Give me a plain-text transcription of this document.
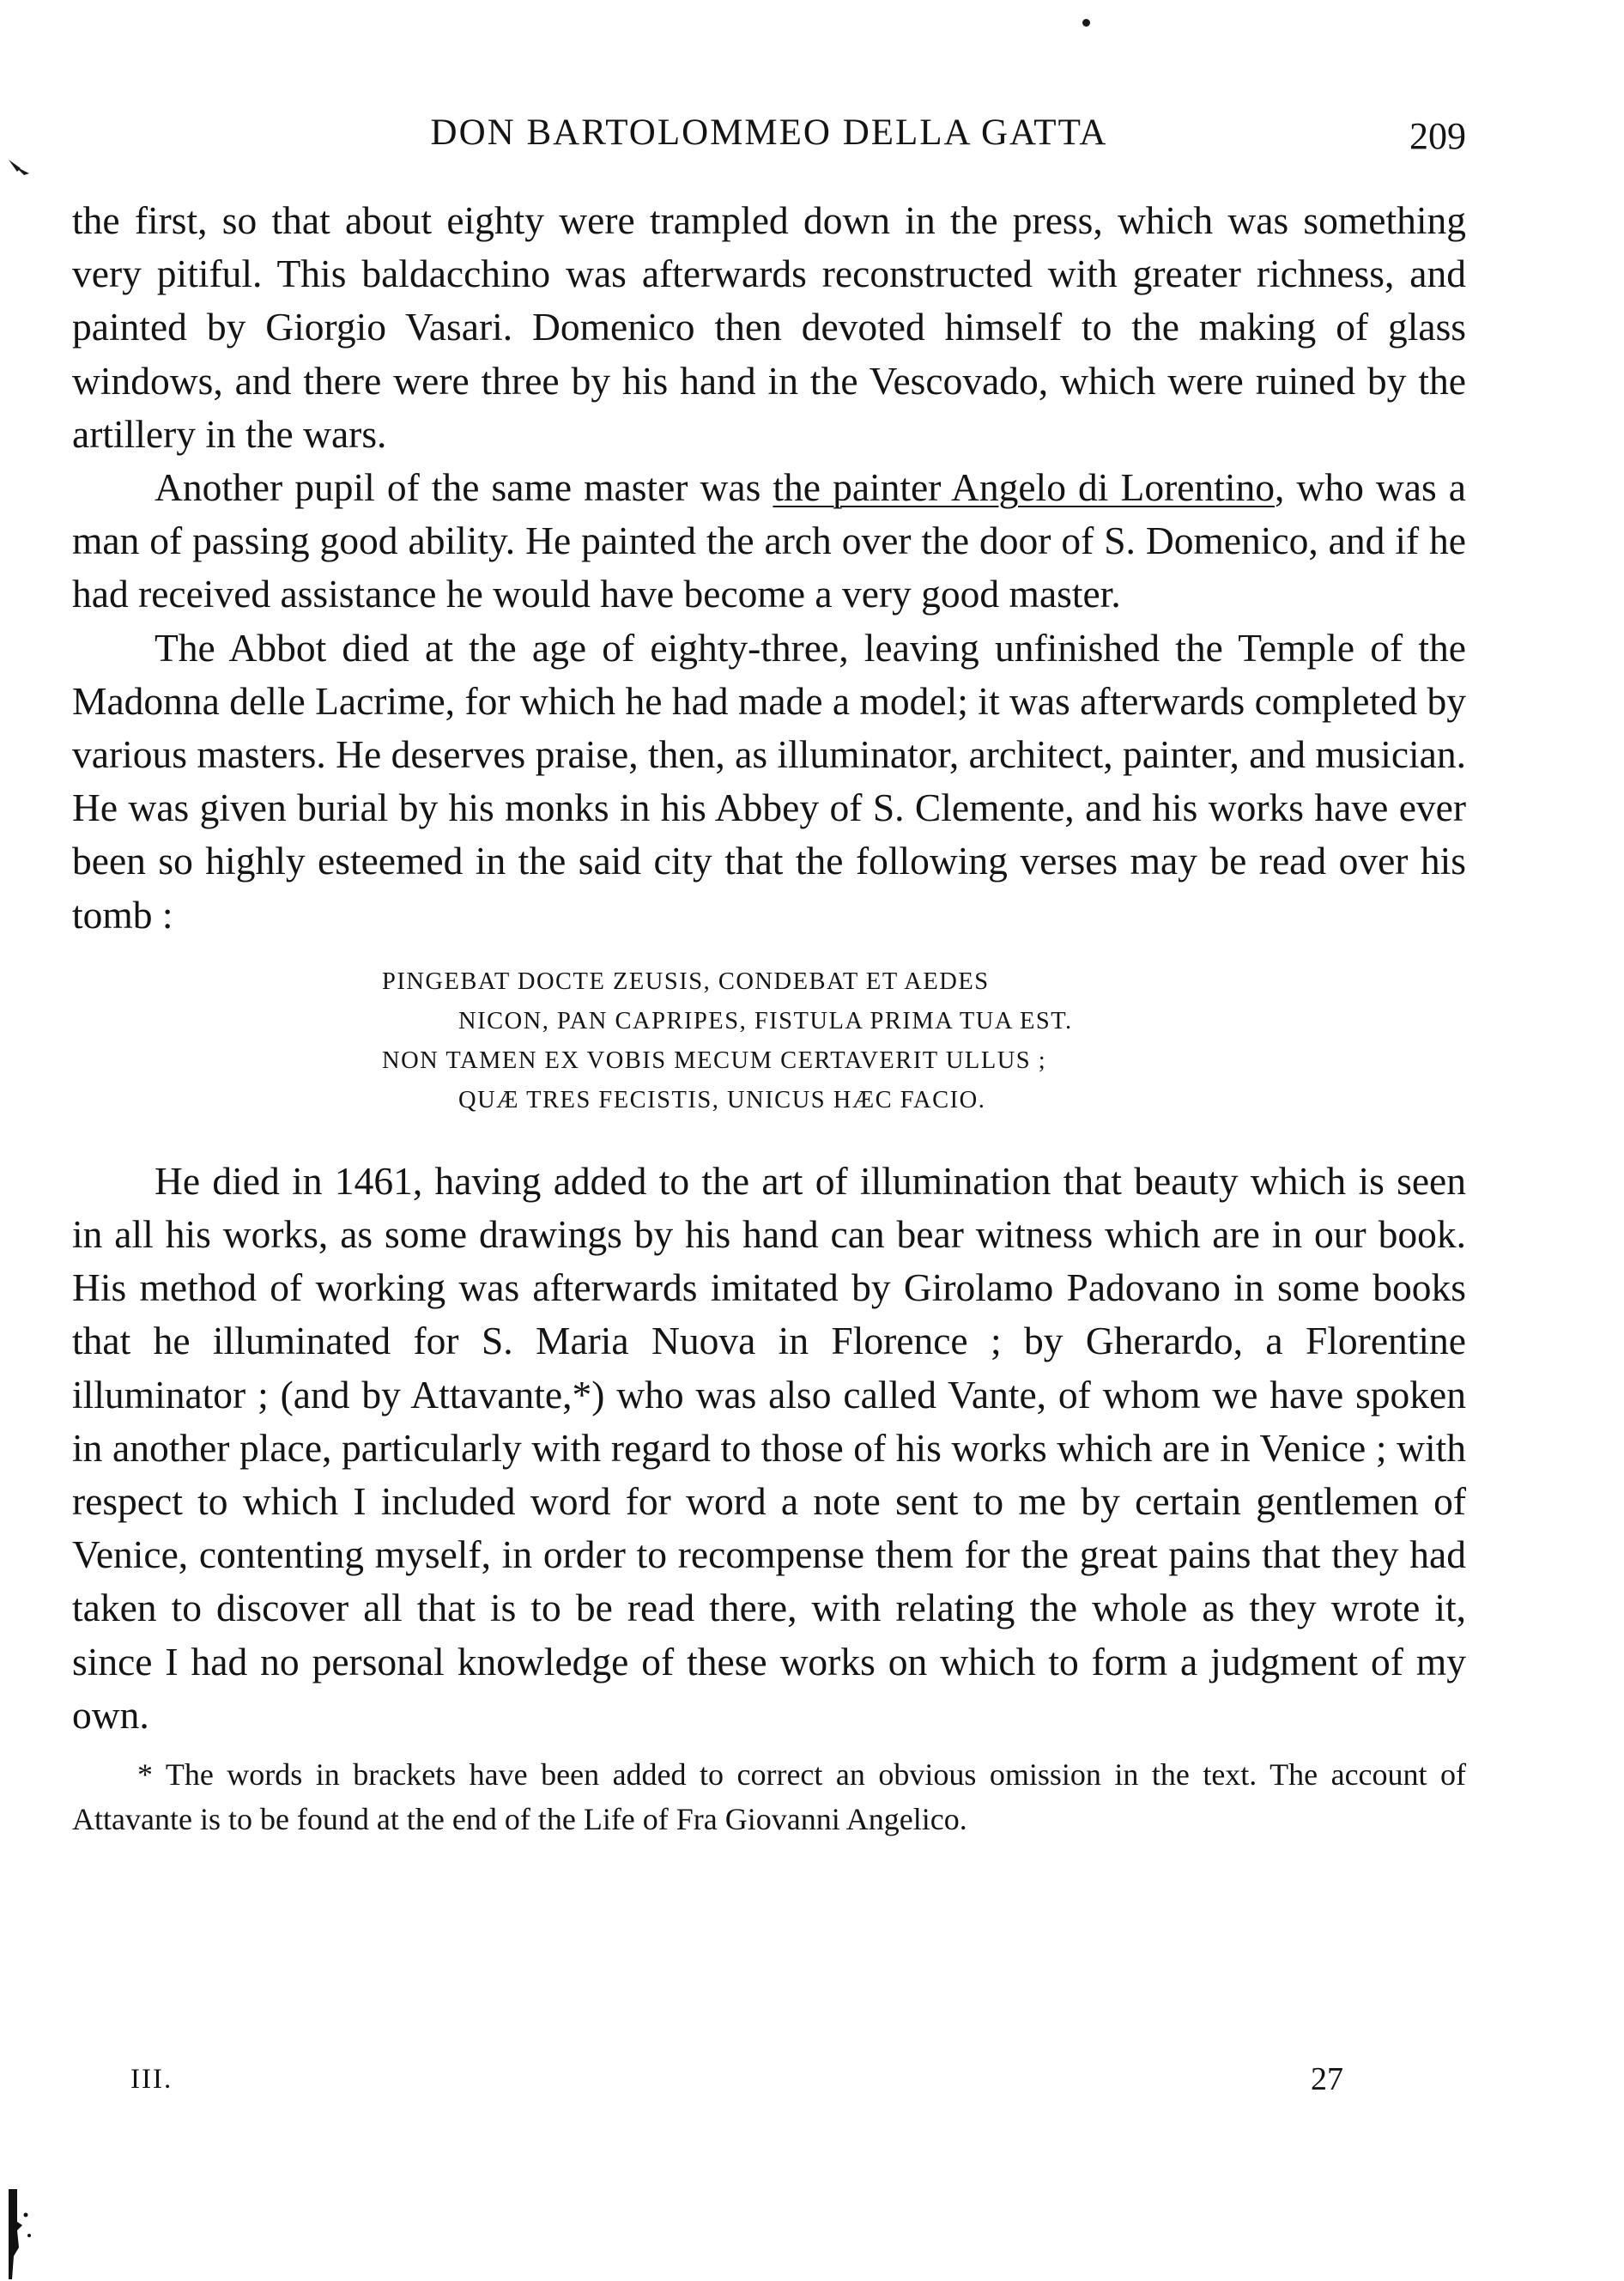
DON BARTOLOMMEO DELLA GATTA	209

the first, so that about eighty were trampled down in the press, which was something very pitiful. This baldacchino was afterwards reconstructed with greater richness, and painted by Giorgio Vasari. Domenico then devoted himself to the making of glass windows, and there were three by his hand in the Vescovado, which were ruined by the artillery in the wars.

Another pupil of the same master was the painter Angelo di Lorentino, who was a man of passing good ability. He painted the arch over the door of S. Domenico, and if he had received assistance he would have become a very good master.

The Abbot died at the age of eighty-three, leaving unfinished the Temple of the Madonna delle Lacrime, for which he had made a model; it was afterwards completed by various masters. He deserves praise, then, as illuminator, architect, painter, and musician. He was given burial by his monks in his Abbey of S. Clemente, and his works have ever been so highly esteemed in the said city that the following verses may be read over his tomb :

PINGEBAT DOCTE ZEUSIS, CONDEBAT ET AEDES
NICON, PAN CAPRIPES, FISTULA PRIMA TUA EST.
NON TAMEN EX VOBIS MECUM CERTAVERIT ULLUS ;
QUÆ TRES FECISTIS, UNICUS HÆC FACIO.

He died in 1461, having added to the art of illumination that beauty which is seen in all his works, as some drawings by his hand can bear witness which are in our book. His method of working was afterwards imitated by Girolamo Padovano in some books that he illuminated for S. Maria Nuova in Florence ; by Gherardo, a Florentine illuminator ; (and by Attavante,*) who was also called Vante, of whom we have spoken in another place, particularly with regard to those of his works which are in Venice ; with respect to which I included word for word a note sent to me by certain gentlemen of Venice, contenting myself, in order to recompense them for the great pains that they had taken to discover all that is to be read there, with relating the whole as they wrote it, since I had no personal knowledge of these works on which to form a judgment of my own.

* The words in brackets have been added to correct an obvious omission in the text. The account of Attavante is to be found at the end of the Life of Fra Giovanni Angelico.

III.	27
